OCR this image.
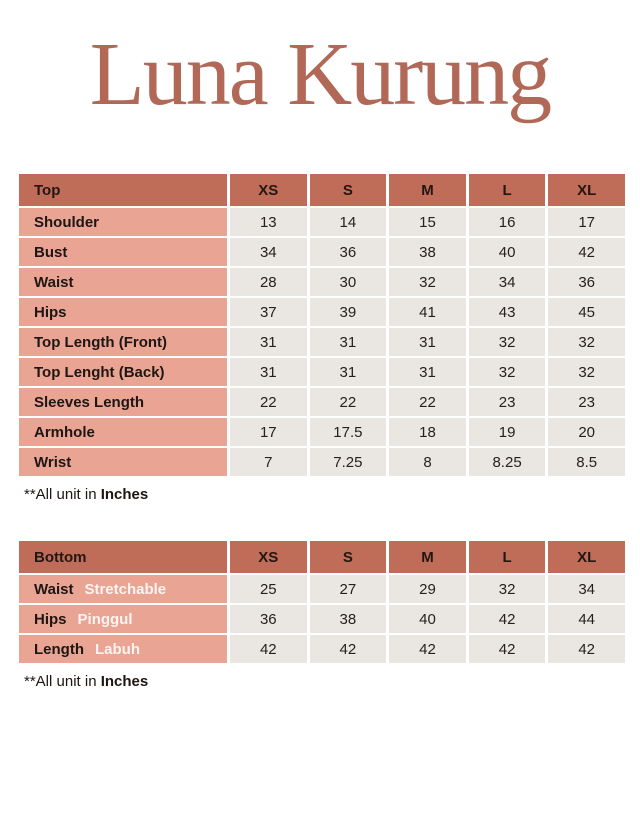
Luna Kurung
Top	XS	S	M	L	XL
Shoulder	13	14	15	16	17
Bust	34	36	38	40	42
Waist	28	30	32	34	36
Hips	37	39	41	43	45
Top Length (Front)	31	31	31	32	32
Top Lenght (Back)	31	31	31	32	32
Sleeves Length	22	22	22	23	23
Armhole	17	17.5	18	19	20
Wrist	7	7.25	8	8.25	8.5

**All unit in Inches

Bottom	XS	S	M	L	XL
Waist Stretchable	25	27	29	32	34
Hips Pinggul	36	38	40	42	44
Length Labuh	42	42	42	42	42

**All unit in Inches
